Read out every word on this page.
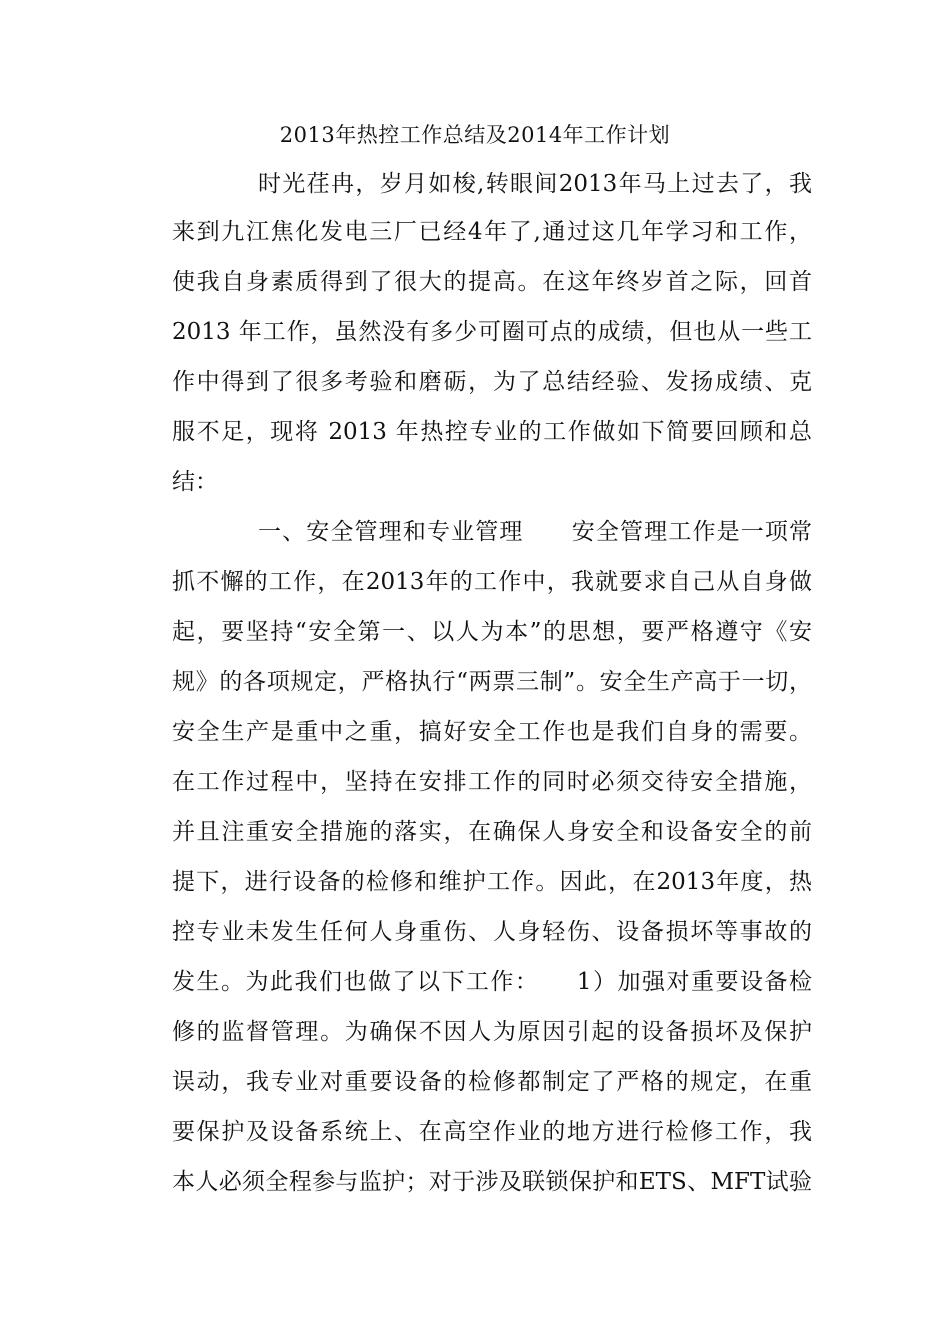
2013年热控工作总结及2014年工作计划
时光荏冉，岁月如梭,转眼间2013年马上过去了，我
来到九江焦化发电三厂已经4年了,通过这几年学习和工作，
使我自身素质得到了很大的提高。在这年终岁首之际，回首
2013 年工作，虽然没有多少可圈可点的成绩，但也从一些工
作中得到了很多考验和磨砺，为了总结经验、发扬成绩、克
服不足，现将 2013 年热控专业的工作做如下简要回顾和总
结：
一、安全管理和专业管理　　安全管理工作是一项常
抓不懈的工作，在2013年的工作中，我就要求自己从自身做
起，要坚持“安全第一、以人为本”的思想，要严格遵守《安
规》的各项规定，严格执行“两票三制”。安全生产高于一切，
安全生产是重中之重，搞好安全工作也是我们自身的需要。
在工作过程中，坚持在安排工作的同时必须交待安全措施，
并且注重安全措施的落实，在确保人身安全和设备安全的前
提下，进行设备的检修和维护工作。因此，在2013年度，热
控专业未发生任何人身重伤、人身轻伤、设备损坏等事故的
发生。为此我们也做了以下工作：　　1）加强对重要设备检
修的监督管理。为确保不因人为原因引起的设备损坏及保护
误动，我专业对重要设备的检修都制定了严格的规定，在重
要保护及设备系统上、在高空作业的地方进行检修工作，我
本人必须全程参与监护；对于涉及联锁保护和ETS、MFT试验
